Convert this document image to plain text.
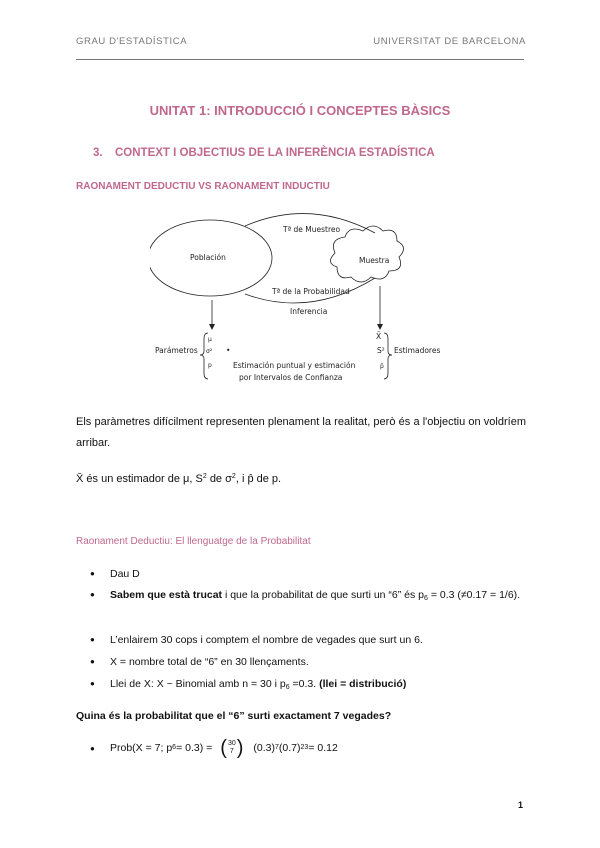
GRAU D'ESTADÍSTICA	UNIVERSITAT DE BARCELONA
UNITAT 1: INTRODUCCIÓ I CONCEPTES BÀSICS
3. CONTEXT I OBJECTIUS DE LA INFERÈNCIA ESTADÍSTICA
RAONAMENT DEDUCTIU VS RAONAMENT INDUCTIU
Población
Tª de Muestreo
Muestra
Tª de la Probabilidad
Inferencia
Parámetros
μ
σ²
p
•
X̄
S²
p̂
Estimadores
Estimación puntual y estimación
por Intervalos de Confianza
Els paràmetres difícilment representen plenament la realitat, però és a l'objectiu on voldríem arribar.
X̄ és un estimador de μ, $S^2$ de $\sigma^2$, i p̂ de p.
Raonament Deductiu: El llenguatge de la Probabilitat
●	Dau D
●	Sabem que està trucat i que la probabilitat de que surti un “6” és $p_6 = 0.3$ (≠0.17 = 1/6).
●	L’enlairem 30 cops i comptem el nombre de vegades que surt un 6.
●	X = nombre total de “6” en 30 llençaments.
●	Llei de X: X ~ Binomial amb n = 30 i $p_6 =0.3$. (llei = distribució)
Quina és la probabilitat que el “6” surti exactament 7 vegades?
●	Prob(X = 7; p 6 = 0.3) = ( 30
7 ) (0.3) 7 (0.7) 23 = 0.12
1
